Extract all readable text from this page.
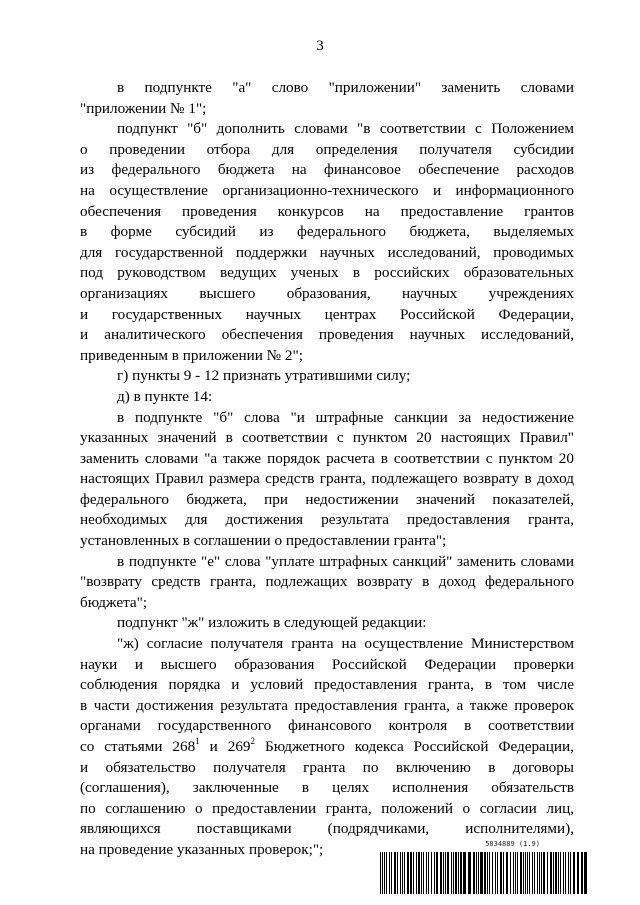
3
в подпункте "а" слово "приложении" заменить словами
"приложении № 1";
подпункт "б" дополнить словами "в соответствии с Положением
о проведении отбора для определения получателя субсидии
из федерального бюджета на финансовое обеспечение расходов
на осуществление организационно-технического и информационного
обеспечения проведения конкурсов на предоставление грантов
в форме субсидий из федерального бюджета, выделяемых
для государственной поддержки научных исследований, проводимых
под руководством ведущих ученых в российских образовательных
организациях высшего образования, научных учреждениях
и государственных научных центрах Российской Федерации,
и аналитического обеспечения проведения научных исследований,
приведенным в приложении № 2";
г) пункты 9 - 12 признать утратившими силу;
д) в пункте 14:
в подпункте "б" слова "и штрафные санкции за недостижение
указанных значений в соответствии с пунктом 20 настоящих Правил"
заменить словами "а также порядок расчета в соответствии с пунктом 20
настоящих Правил размера средств гранта, подлежащего возврату в доход
федерального бюджета, при недостижении значений показателей,
необходимых для достижения результата предоставления гранта,
установленных в соглашении о предоставлении гранта";
в подпункте "е" слова "уплате штрафных санкций" заменить словами
"возврату средств гранта, подлежащих возврату в доход федерального
бюджета";
подпункт "ж" изложить в следующей редакции:
"ж) согласие получателя гранта на осуществление Министерством
науки и высшего образования Российской Федерации проверки
соблюдения порядка и условий предоставления гранта, в том числе
в части достижения результата предоставления гранта, а также проверок
органами государственного финансового контроля в соответствии
со статьями $268^1$ и $269^2$ Бюджетного кодекса Российской Федерации,
и обязательство получателя гранта по включению в договоры
(соглашения), заключенные в целях исполнения обязательств
по соглашению о предоставлении гранта, положений о согласии лиц,
являющихся поставщиками (подрядчиками, исполнителями),
на проведение указанных проверок;";	5834889 (1.9)
